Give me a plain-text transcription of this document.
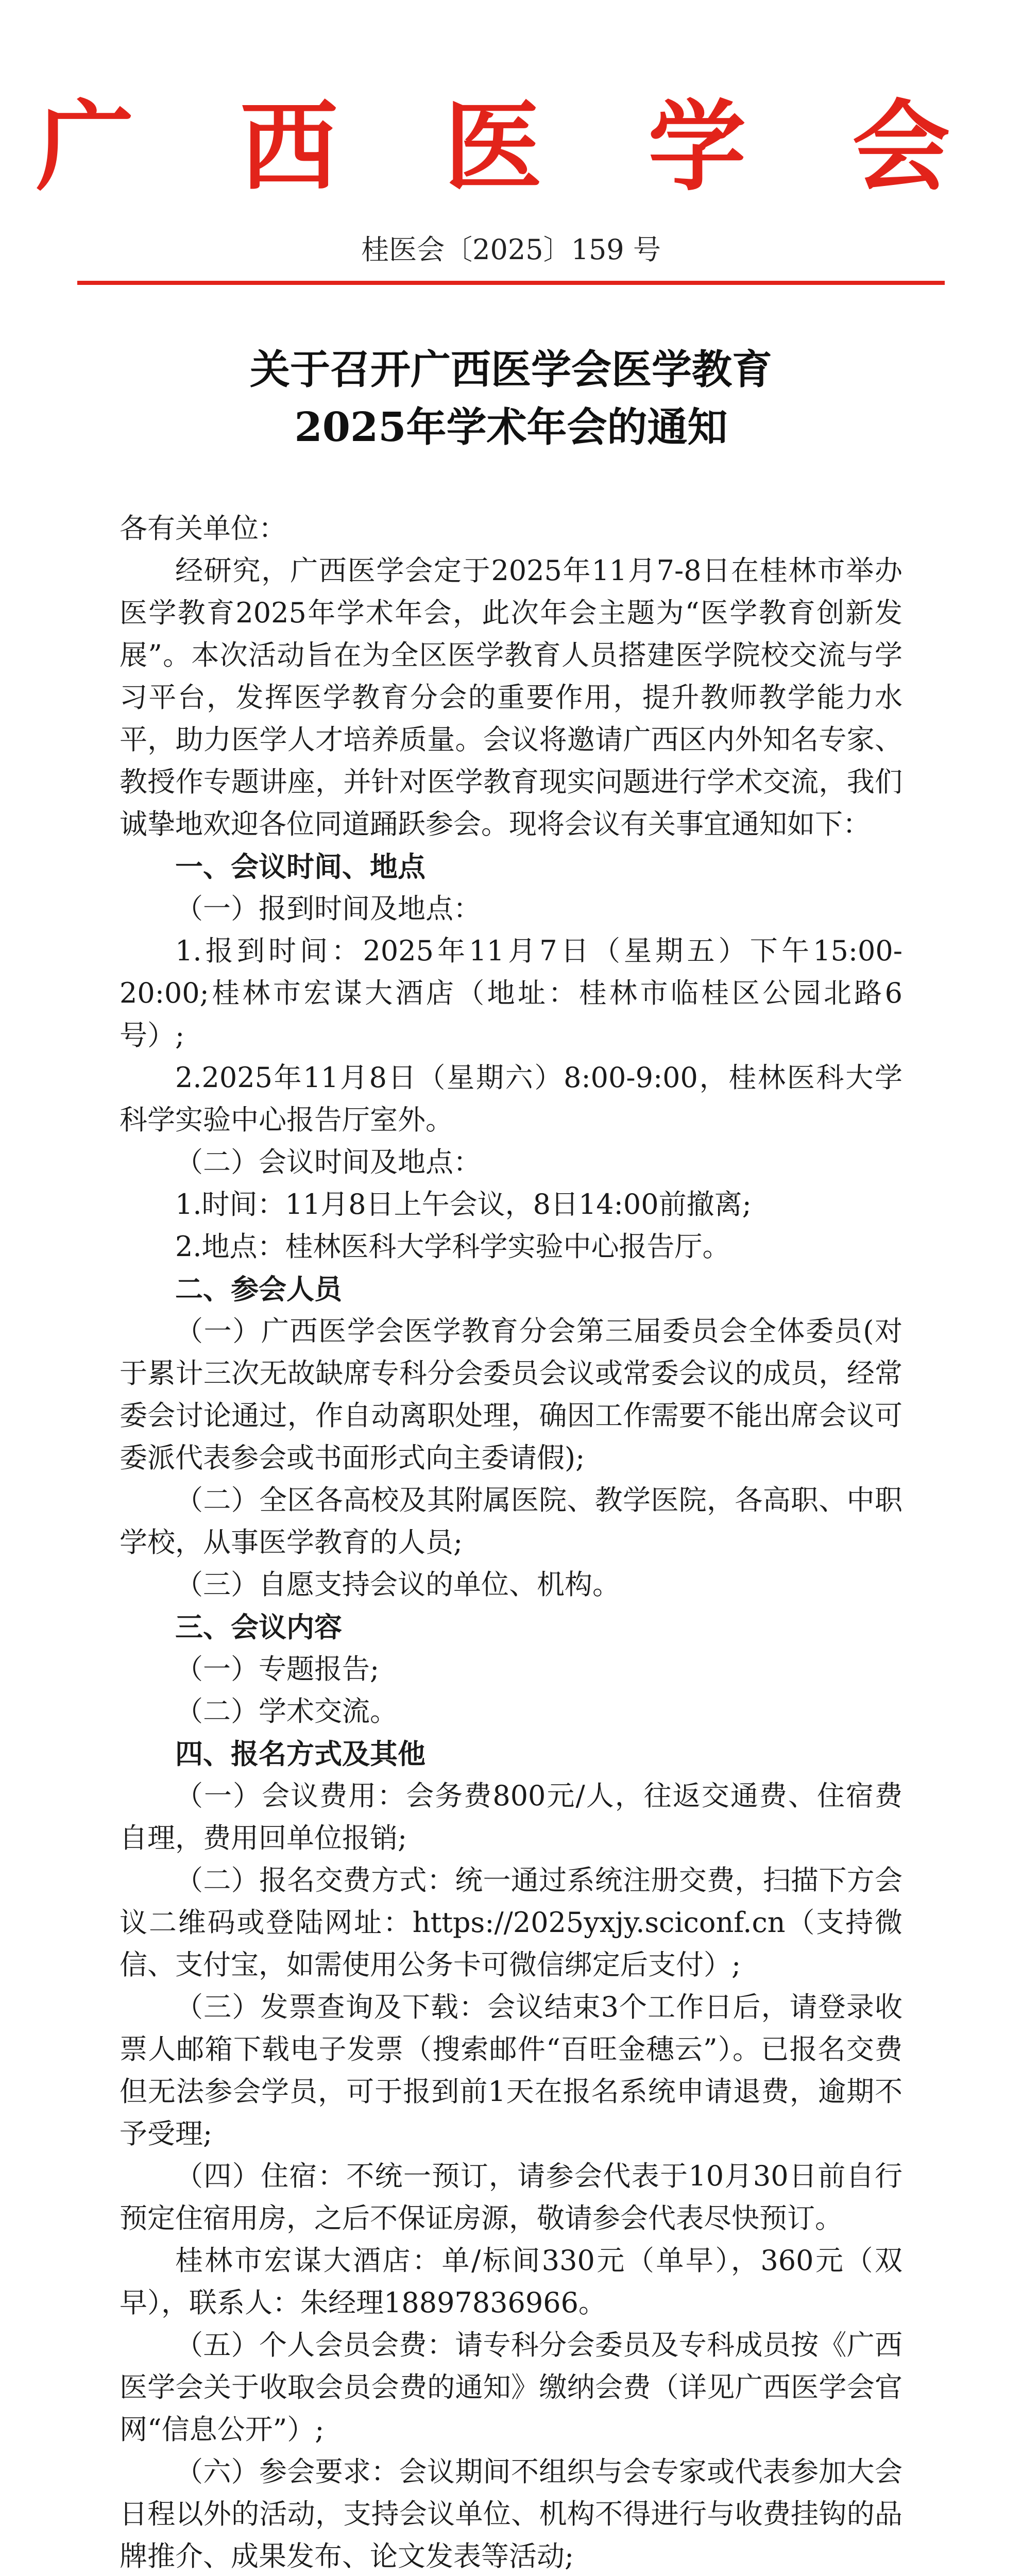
广 西 医 学 会
桂医会〔2025〕159 号
关于召开广西医学会医学教育
2025年学术年会的通知

各有关单位：

经研究，广西医学会定于2025年11月7-8日在桂林市举办医学教育2025年学术年会，此次年会主题为“医学教育创新发展”。本次活动旨在为全区医学教育人员搭建医学院校交流与学习平台，发挥医学教育分会的重要作用，提升教师教学能力水平，助力医学人才培养质量。会议将邀请广西区内外知名专家、教授作专题讲座，并针对医学教育现实问题进行学术交流，我们诚挚地欢迎各位同道踊跃参会。现将会议有关事宜通知如下：

一、会议时间、地点

（一）报到时间及地点：

1.报到时间：2025年11月7日（星期五）下午15:00-20:00;桂林市宏谋大酒店（地址：桂林市临桂区公园北路6号）;

2.2025年11月8日（星期六）8:00-9:00，桂林医科大学科学实验中心报告厅室外。

（二）会议时间及地点：

1.时间：11月8日上午会议，8日14:00前撤离;

2.地点：桂林医科大学科学实验中心报告厅。

二、参会人员

（一）广西医学会医学教育分会第三届委员会全体委员(对于累计三次无故缺席专科分会委员会议或常委会议的成员，经常委会讨论通过，作自动离职处理，确因工作需要不能出席会议可委派代表参会或书面形式向主委请假);

（二）全区各高校及其附属医院、教学医院，各高职、中职学校，从事医学教育的人员;

（三）自愿支持会议的单位、机构。

三、会议内容

（一）专题报告;

（二）学术交流。

四、报名方式及其他

（一）会议费用：会务费800元/人，往返交通费、住宿费自理，费用回单位报销;

（二）报名交费方式：统一通过系统注册交费，扫描下方会议二维码或登陆网址：https://2025yxjy.sciconf.cn（支持微信、支付宝，如需使用公务卡可微信绑定后支付）;

（三）发票查询及下载：会议结束3个工作日后，请登录收票人邮箱下载电子发票（搜索邮件“百旺金穗云”）。已报名交费但无法参会学员，可于报到前1天在报名系统申请退费，逾期不予受理;

（四）住宿：不统一预订，请参会代表于10月30日前自行预定住宿用房，之后不保证房源，敬请参会代表尽快预订。

桂林市宏谋大酒店：单/标间330元（单早），360元（双早），联系人：朱经理18897836966。

（五）个人会员会费：请专科分会委员及专科成员按《广西医学会关于收取会员会费的通知》缴纳会费（详见广西医学会官网“信息公开”）;

（六）参会要求：会议期间不组织与会专家或代表参加大会日程以外的活动，支持会议单位、机构不得进行与收费挂钩的品牌推介、成果发布、论文发表等活动;
